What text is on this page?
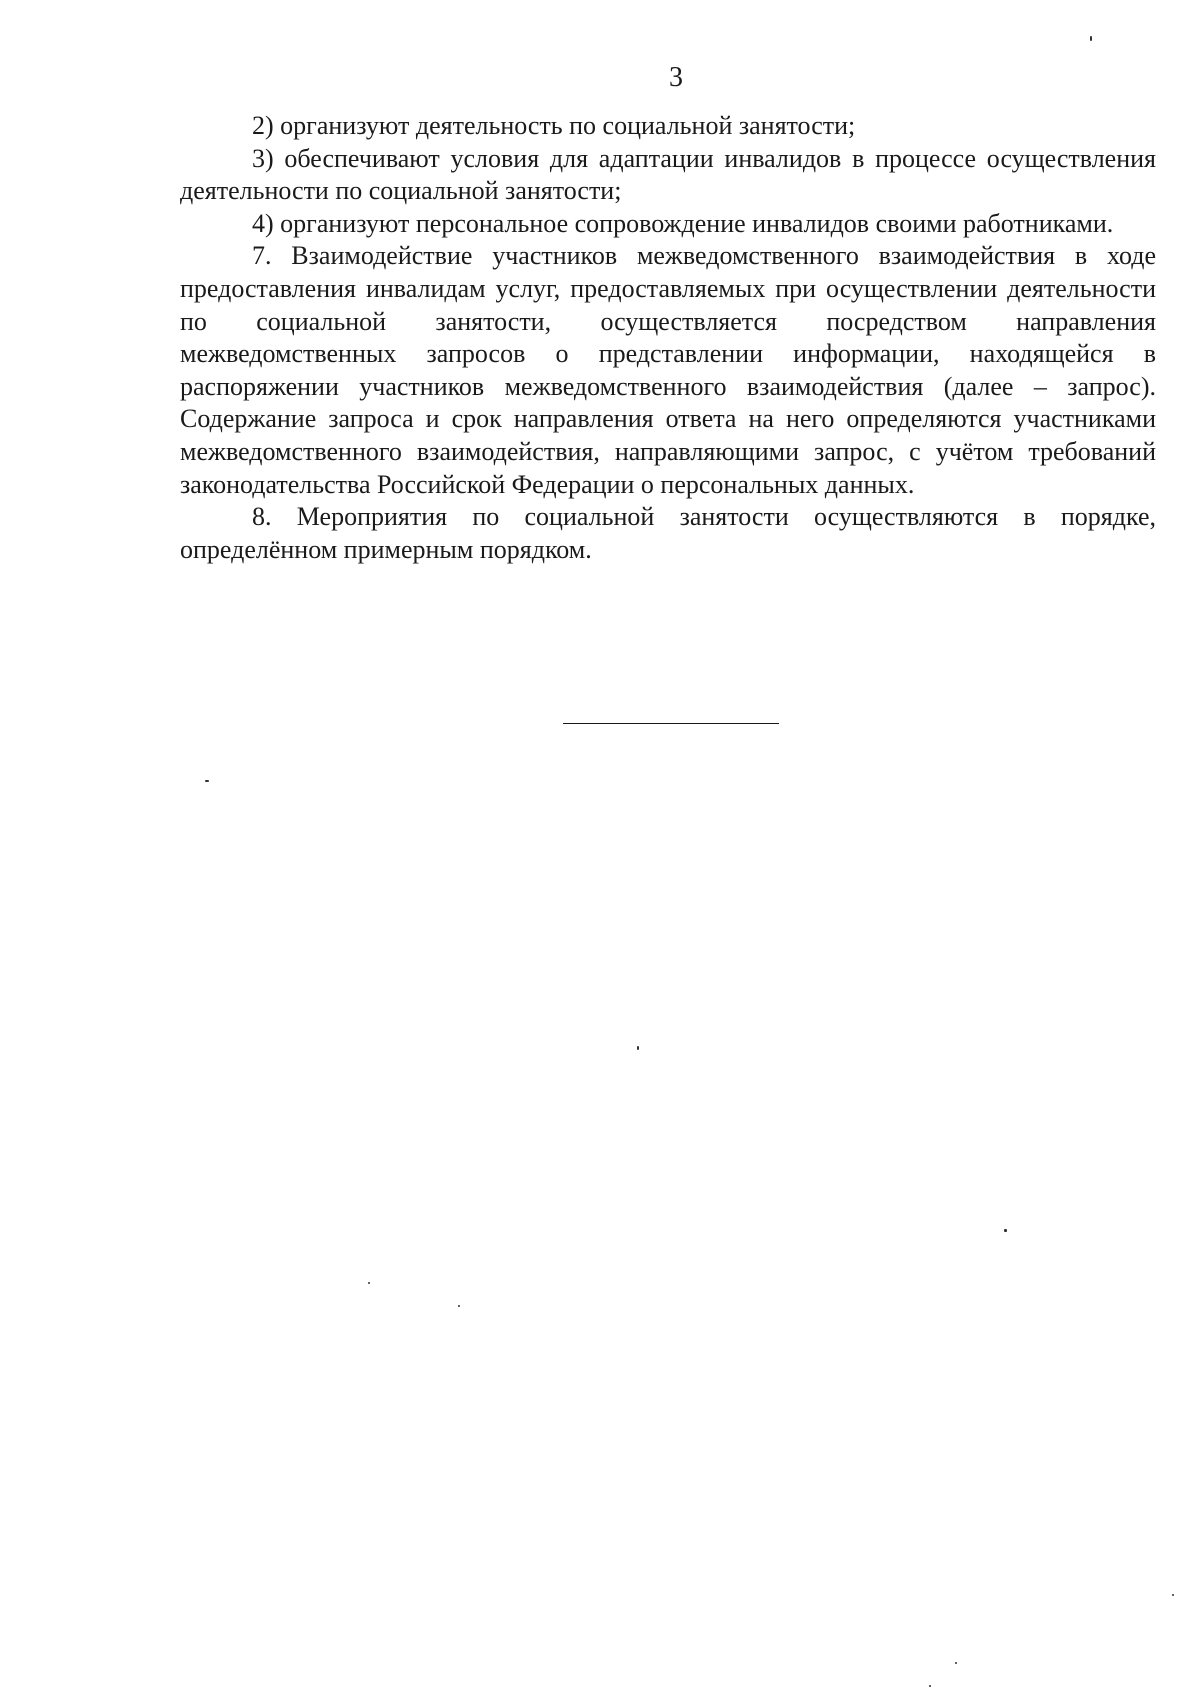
3

2) организуют деятельность по социальной занятости;

3) обеспечивают условия для адаптации инвалидов в процессе осуществления деятельности по социальной занятости;

4) организуют персональное сопровождение инвалидов своими работниками.

7. Взаимодействие участников межведомственного взаимодействия в ходе предоставления инвалидам услуг, предоставляемых при осуществлении деятельности по социальной занятости, осуществляется посредством направления межведомственных запросов о представлении информации, находящейся в распоряжении участников межведомственного взаимодействия (далее – запрос). Содержание запроса и срок направления ответа на него определяются участниками межведомственного взаимодействия, направляющими запрос, с учётом требований законодательства Российской Федерации о персональных данных.

8. Мероприятия по социальной занятости осуществляются в порядке, определённом примерным порядком.
